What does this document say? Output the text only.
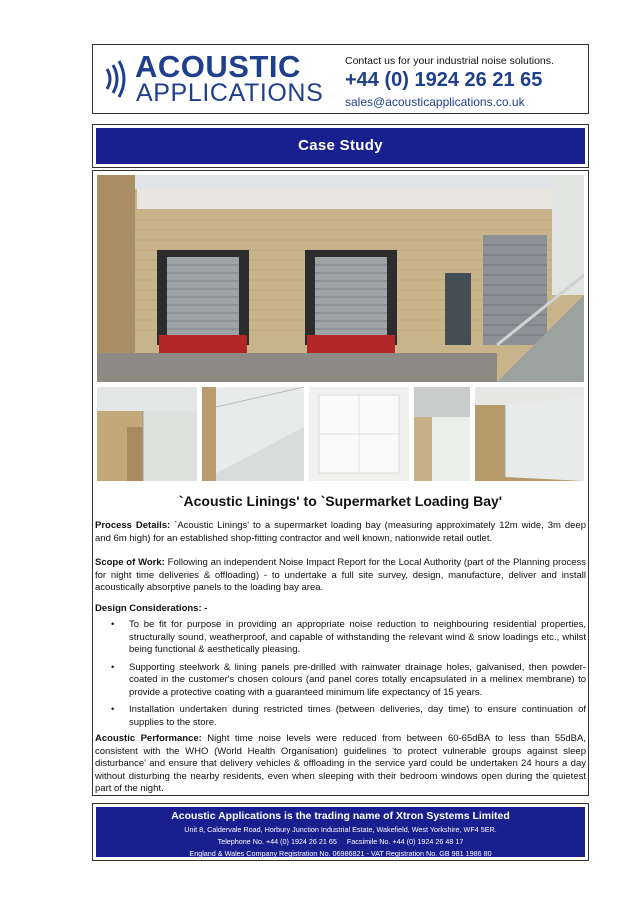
ACOUSTIC
APPLICATIONS
Contact us for your industrial noise solutions.
+44 (0) 1924 26 21 65
sales@acousticapplications.co.uk
Case Study
`Acoustic Linings' to `Supermarket Loading Bay'
Process Details: `Acoustic Linings' to a supermarket loading bay (measuring approximately 12m wide, 3m deep and 6m high) for an established shop-fitting contractor and well known, nationwide retail outlet.
Scope of Work: Following an independent Noise Impact Report for the Local Authority (part of the Planning process for night time deliveries & offloading) - to undertake a full site survey, design, manufacture, deliver and install acoustically absorptive panels to the loading bay area.
Design Considerations: -
• To be fit for purpose in providing an appropriate noise reduction to neighbouring residential properties, structurally sound, weatherproof, and capable of withstanding the relevant wind & snow loadings etc., whilst being functional & aesthetically pleasing.
• Supporting steelwork & lining panels pre-drilled with rainwater drainage holes, galvanised, then powder-coated in the customer's chosen colours (and panel cores totally encapsulated in a melinex membrane) to provide a protective coating with a guaranteed minimum life expectancy of 15 years.
• Installation undertaken during restricted times (between deliveries, day time) to ensure continuation of supplies to the store.
Acoustic Performance: Night time noise levels were reduced from between 60-65dBA to less than 55dBA, consistent with the WHO (World Health Organisation) guidelines 'to protect vulnerable groups against sleep disturbance' and ensure that delivery vehicles & offloading in the service yard could be undertaken 24 hours a day without disturbing the nearby residents, even when sleeping with their bedroom windows open during the quietest part of the night.
Acoustic Applications is the trading name of Xtron Systems Limited
Unit 8, Caldervale Road, Horbury Junction Industrial Estate, Wakefield, West Yorkshire, WF4 5ER.
Telephone No. +44 (0) 1924 26 21 65     Facsimile No. +44 (0) 1924 26 48 17
England & Wales Company Registration No. 06986821 - VAT Registration No. GB 981 1986 80
